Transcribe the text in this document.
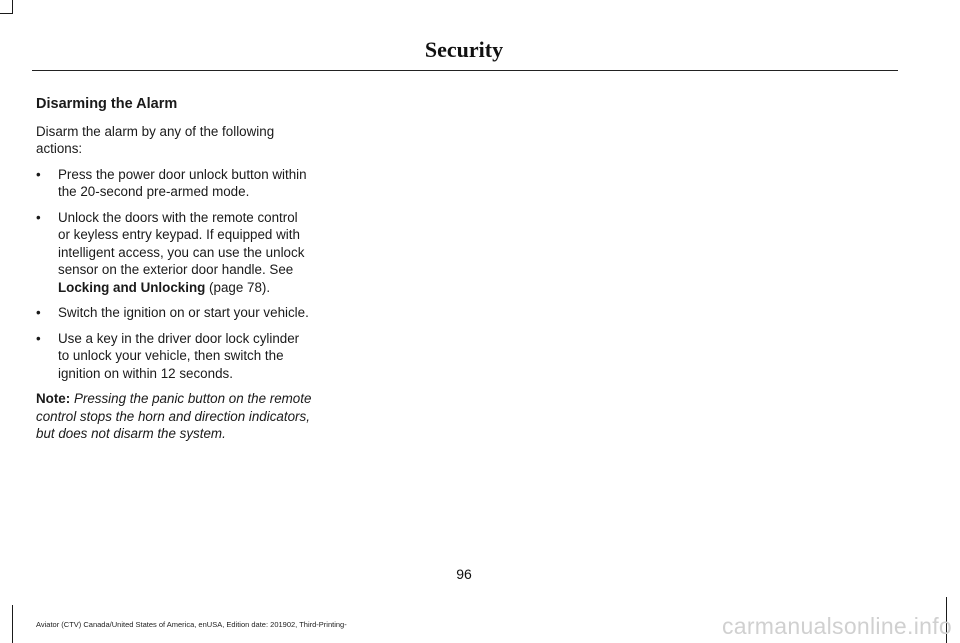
Security
Disarming the Alarm

Disarm the alarm by any of the following actions:

• Press the power door unlock button within the 20-second pre-armed mode.
• Unlock the doors with the remote control or keyless entry keypad. If equipped with intelligent access, you can use the unlock sensor on the exterior door handle. See Locking and Unlocking (page 78).
• Switch the ignition on or start your vehicle.
• Use a key in the driver door lock cylinder to unlock your vehicle, then switch the ignition on within 12 seconds.

Note: Pressing the panic button on the remote control stops the horn and direction indicators, but does not disarm the system.

96
Aviator (CTV) Canada/United States of America, enUSA, Edition date: 201902, Third-Printing-	carmanualsonline.info
